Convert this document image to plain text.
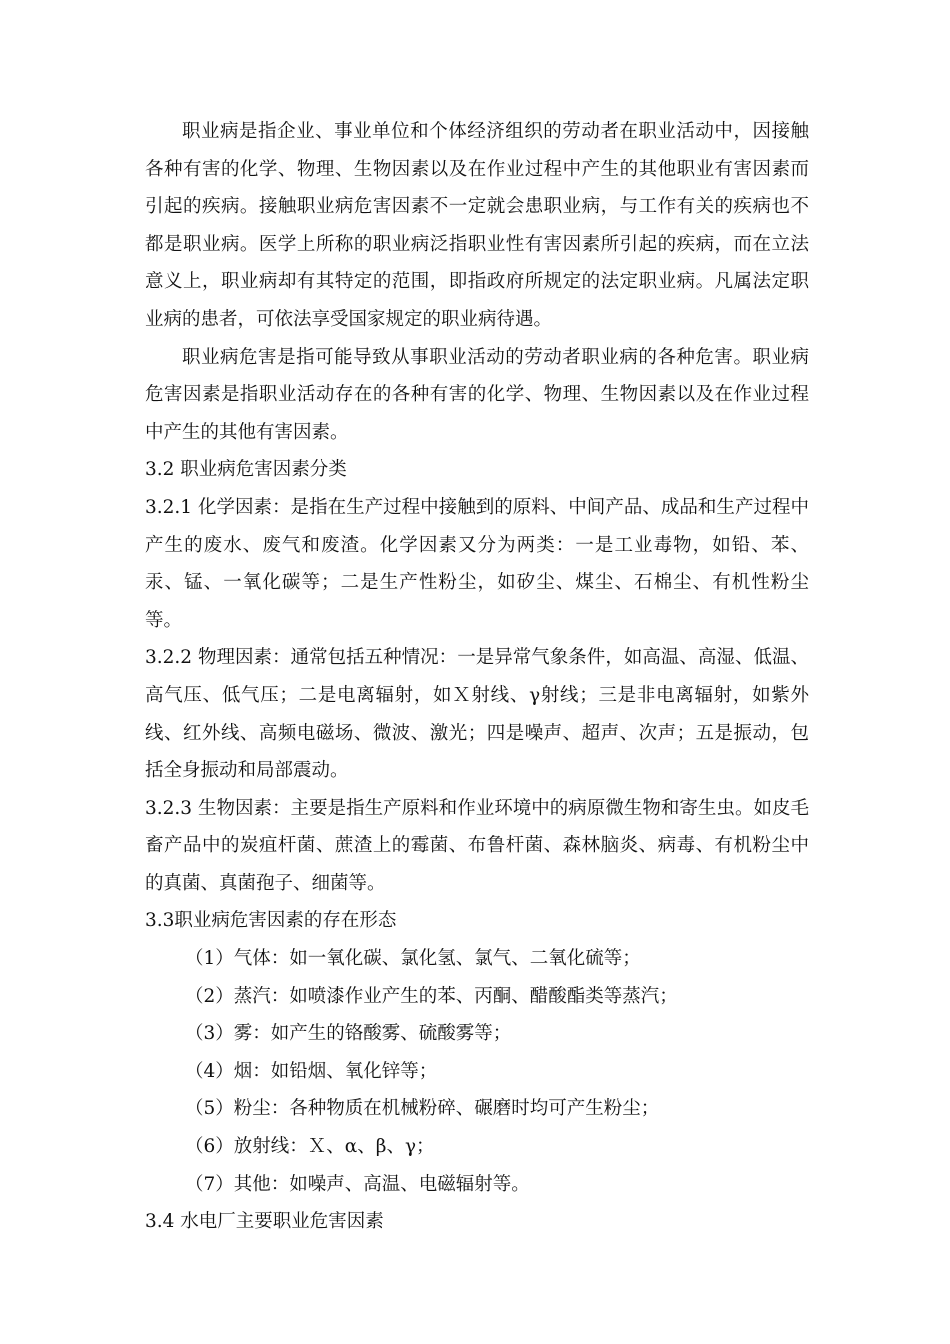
职业病是指企业、事业单位和个体经济组织的劳动者在职业活动中，因接触各种有害的化学、物理、生物因素以及在作业过程中产生的其他职业有害因素而引起的疾病。接触职业病危害因素不一定就会患职业病，与工作有关的疾病也不都是职业病。医学上所称的职业病泛指职业性有害因素所引起的疾病，而在立法意义上，职业病却有其特定的范围，即指政府所规定的法定职业病。凡属法定职业病的患者，可依法享受国家规定的职业病待遇。

职业病危害是指可能导致从事职业活动的劳动者职业病的各种危害。职业病危害因素是指职业活动存在的各种有害的化学、物理、生物因素以及在作业过程中产生的其他有害因素。

3.2 职业病危害因素分类

3.2.1 化学因素：是指在生产过程中接触到的原料、中间产品、成品和生产过程中产生的废水、废气和废渣。化学因素又分为两类：一是工业毒物，如铅、苯、汞、锰、一氧化碳等；二是生产性粉尘，如矽尘、煤尘、石棉尘、有机性粉尘等。

3.2.2 物理因素：通常包括五种情况：一是异常气象条件，如高温、高湿、低温、高气压、低气压；二是电离辐射，如Ｘ射线、γ射线；三是非电离辐射，如紫外线、红外线、高频电磁场、微波、激光；四是噪声、超声、次声；五是振动，包括全身振动和局部震动。

3.2.3 生物因素：主要是指生产原料和作业环境中的病原微生物和寄生虫。如皮毛畜产品中的炭疽杆菌、蔗渣上的霉菌、布鲁杆菌、森林脑炎、病毒、有机粉尘中的真菌、真菌孢子、细菌等。

3.3职业病危害因素的存在形态

（1）气体：如一氧化碳、氯化氢、氯气、二氧化硫等；

（2）蒸汽：如喷漆作业产生的苯、丙酮、醋酸酯类等蒸汽；

（3）雾：如产生的铬酸雾、硫酸雾等；

（4）烟：如铅烟、氧化锌等；

（5）粉尘：各种物质在机械粉碎、碾磨时均可产生粉尘；

（6）放射线：Ｘ、α、β、γ；

（7）其他：如噪声、高温、电磁辐射等。

3.4 水电厂主要职业危害因素
